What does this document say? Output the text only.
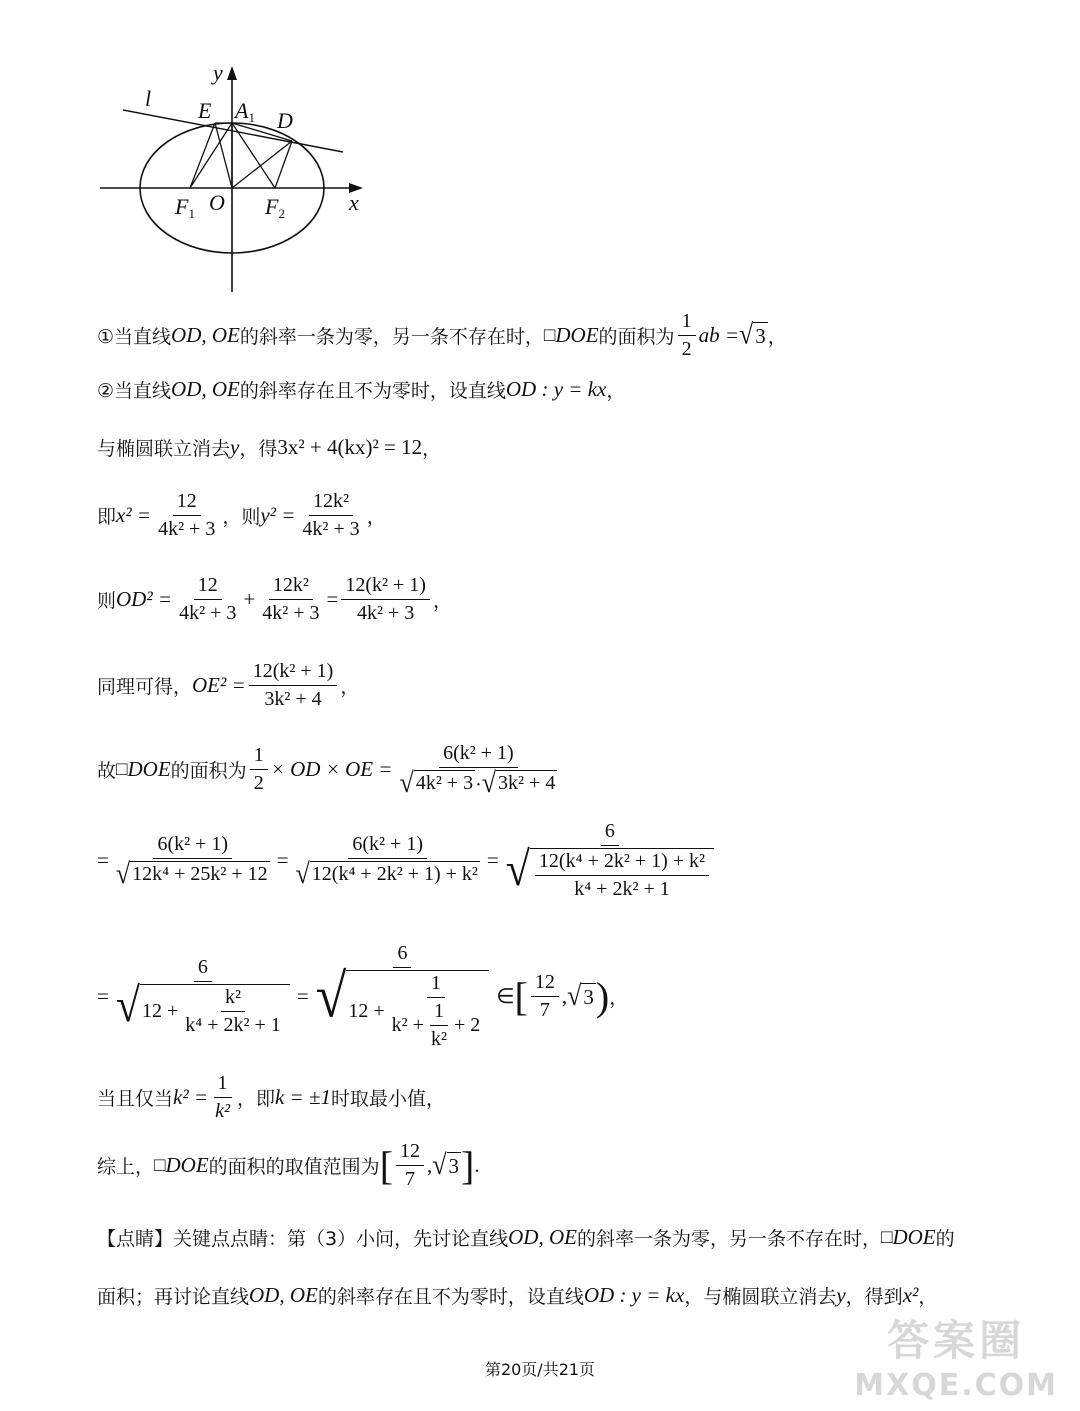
y
x
l E A1 D
F1 O F2
①当直线 OD, OE 的斜率一条为零，另一条不存在时， □ DOE 的面积为 $\frac{1}{2}$ ab = √ 3 ，
②当直线 OD, OE 的斜率存在且不为零时，设直线 OD : y = kx ，
与椭圆联立消去 y ，得 3x² + 4(kx)² = 12 ，
即 $x^2 = \frac{12}{\text{4k² + 3}}$ ，则 $y^2 = \frac{\text{12k²}}{\text{4k² + 3}}$ ，
则 $OD^2 = \frac{12}{\text{4k² + 3}} + \frac{\text{12k²}}{\text{4k² + 3}} = \frac{\text{12(k² + 1)}}{\text{4k² + 3}}$ ，
同理可得， $OE^2 = \frac{\text{12(k² + 1)}}{\text{3k² + 4}}$ ，
故 □ DOE 的面积为 $\frac{1}{2}$ × OD × OE = $\frac{\text{6(k² + 1)}}{\text{√ 4k² + 3 · √ 3k² + 4}}$
= $\frac{\text{6(k² + 1)}}{\text{√ 12k⁴ + 25k² + 12}} = \frac{\text{6(k² + 1)}}{\text{√ 12(k⁴ + 2k² + 1) + k²}} = \frac{6}{√ \frac{\text{12(k⁴ + 2k² + 1) + k²}}{\text{k⁴ + 2k² + 1}}}$
= $\frac{6}{√ 12 + \frac{\text{k²}}{\text{k⁴ + 2k² + 1}}} = \frac{6}{√ 12 + \frac{1}{k^2 + \frac{1}{\text{k²}} + 2}}$ ∈ [ $\frac{12}{7}$ , √ 3 ) ，
当且仅当 $k^2 = \frac{1}{\text{k²}}$ ，即 k = ±1 时取最小值，
综上， □ DOE 的面积的取值范围为 [ $\frac{12}{7}$ , √ 3 ] .
【点睛】 关键点点睛：第（3）小问，先讨论直线 OD, OE 的斜率一条为零，另一条不存在时， □ DOE 的
面积；再讨论直线 OD, OE 的斜率存在且不为零时，设直线 OD : y = kx ，与椭圆联立消去 y ，得到 x² ，
第20页/共21页
答案圈
MXQE.COM
